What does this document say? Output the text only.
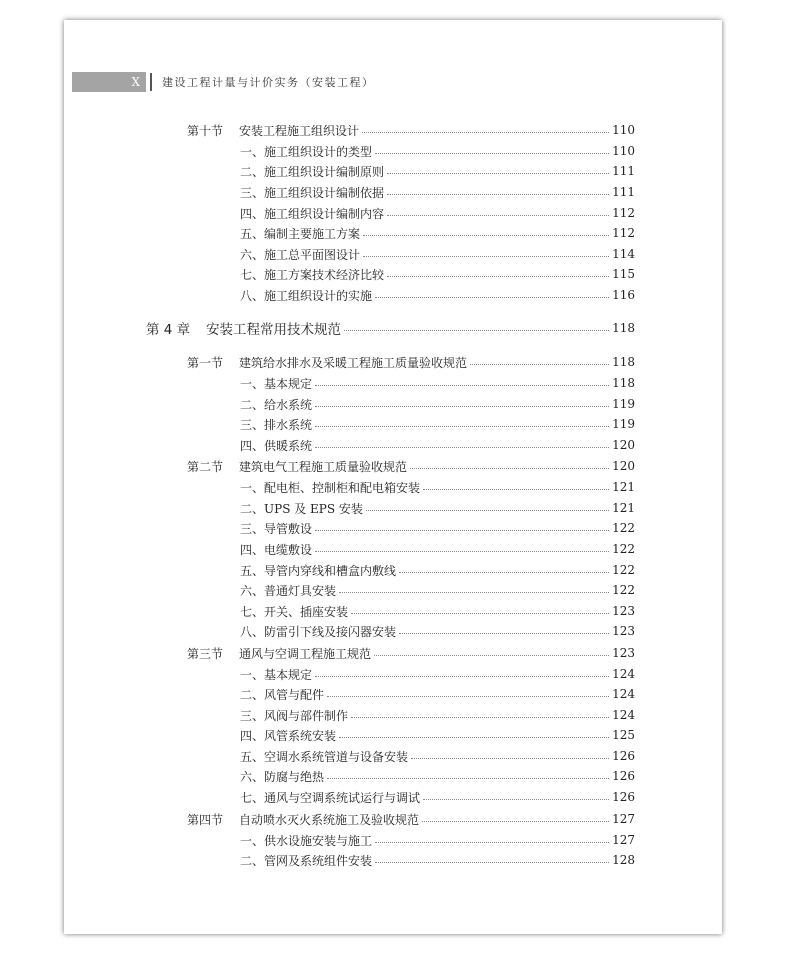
X 建设工程计量与计价实务（安装工程）
第十节	安装工程施工组织设计	110
一、施工组织设计的类型	110
二、施工组织设计编制原则	111
三、施工组织设计编制依据	111
四、施工组织设计编制内容	112
五、编制主要施工方案	112
六、施工总平面图设计	114
七、施工方案技术经济比较	115
八、施工组织设计的实施	116
第 4 章	安装工程常用技术规范	118
第一节	建筑给水排水及采暖工程施工质量验收规范	118
一、基本规定	118
二、给水系统	119
三、排水系统	119
四、供暖系统	120
第二节	建筑电气工程施工质量验收规范	120
一、配电柜、控制柜和配电箱安装	121
二、UPS 及 EPS 安装	121
三、导管敷设	122
四、电缆敷设	122
五、导管内穿线和槽盒内敷线	122
六、普通灯具安装	122
七、开关、插座安装	123
八、防雷引下线及接闪器安装	123
第三节	通风与空调工程施工规范	123
一、基本规定	124
二、风管与配件	124
三、风阀与部件制作	124
四、风管系统安装	125
五、空调水系统管道与设备安装	126
六、防腐与绝热	126
七、通风与空调系统试运行与调试	126
第四节	自动喷水灭火系统施工及验收规范	127
一、供水设施安装与施工	127
二、管网及系统组件安装	128
